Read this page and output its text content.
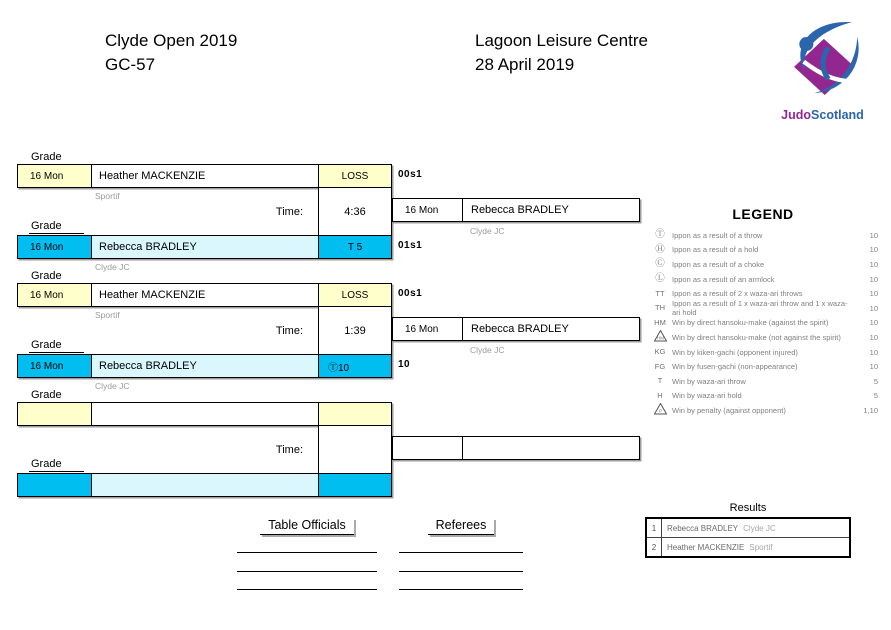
Clyde Open 2019
GC-57
Lagoon Leisure Centre
28 April 2019
JudoScotland
Grade
16 Mon	Heather MACKENZIE	LOSS	00s1
Sportif
4:36
Time:
Grade
16 Mon	Rebecca BRADLEY	T 5	01s1
Clyde JC
16 Mon	Rebecca BRADLEY
Clyde JC
Grade
16 Mon	Heather MACKENZIE	LOSS	00s1
Sportif
1:39
Time:
Grade
16 Mon	Rebecca BRADLEY	Ⓣ10	10
Clyde JC
16 Mon	Rebecca BRADLEY
Clyde JC
Grade
Time:
Grade
LEGEND
Ⓣ Ippon as a result of a throw	10
Ⓗ Ippon as a result of a hold	10
Ⓒ Ippon as a result of a choke	10
Ⓛ Ippon as a result of an armlock	10
TT Ippon as a result of 2 x waza-ari throws	10
TH Ippon as a result of 1 x waza-ari throw and 1 x waza-ari hold	10
HM Win by direct hansoku-make (against the spirit)	10
HM Win by direct hansoku-make (not against the spirit)	10
KG Win by kiken-gachi (opponent injured)	10
FG Win by fusen-gachi (non-appearance)	10
T	Win by waza-ari throw	5
H	Win by waza-ari hold	5
P Win by penalty (against opponent)	1,10
Results
1	Rebecca BRADLEY Clyde JC
2	Heather MACKENZIE Sportif
Table Officials	Referees
